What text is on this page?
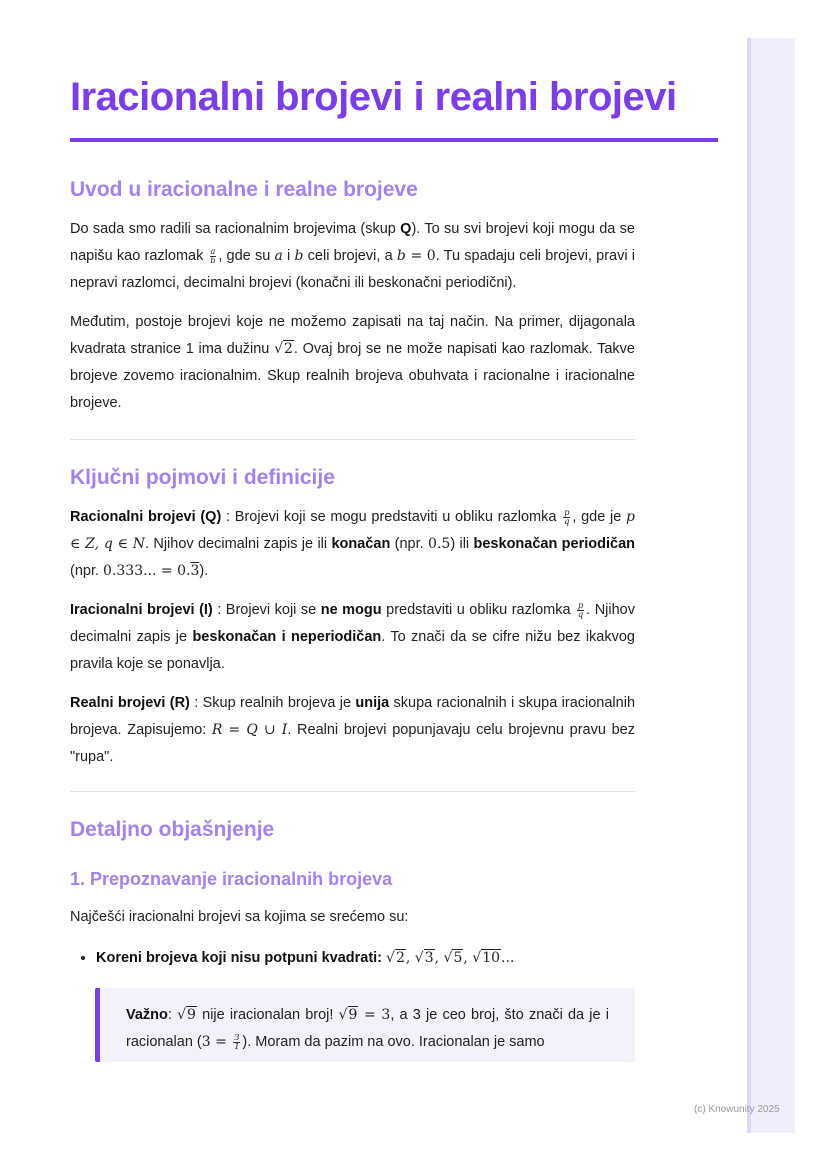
(c) Knowunity 2025
Iracionalni brojevi i realni brojevi
Uvod u iracionalne i realne brojeve

Do sada smo radili sa racionalnim brojevima (skup Q). To su svi brojevi koji mogu da se napišu kao razlomak $\frac{a}{b}$ , gde su a i b celi brojevi, a b = 0. Tu spadaju celi brojevi, pravi i nepravi razlomci, decimalni brojevi (konačni ili beskonačni periodični).

Međutim, postoje brojevi koje ne možemo zapisati na taj način. Na primer, dijagonala kvadrata stranice 1 ima dužinu √2. Ovaj broj se ne može napisati kao razlomak. Takve brojeve zovemo iracionalnim. Skup realnih brojeva obuhvata i racionalne i iracionalne brojeve.

Ključni pojmovi i definicije

Racionalni brojevi (Q) : Brojevi koji se mogu predstaviti u obliku razlomka $\frac{p}{q}$ , gde je p ∈ Z, q ∈ N. Njihov decimalni zapis je ili konačan (npr. 0.5) ili beskonačan periodičan (npr. 0.333... = 0.3).

Iracionalni brojevi (I) : Brojevi koji se ne mogu predstaviti u obliku razlomka $\frac{p}{q}$ . Njihov decimalni zapis je beskonačan i neperiodičan. To znači da se cifre nižu bez ikakvog pravila koje se ponavlja.

Realni brojevi (R) : Skup realnih brojeva je unija skupa racionalnih i skupa iracionalnih brojeva. Zapisujemo: R = Q ∪ I. Realni brojevi popunjavaju celu brojevnu pravu bez "rupa".

Detaljno objašnjenje
1. Prepoznavanje iracionalnih brojeva

Najčešći iracionalni brojevi sa kojima se srećemo su:

• Koreni brojeva koji nisu potpuni kvadrati: √2, √3, √5, √10...

Važno: √9 nije iracionalan broj! √9 = 3, a 3 je ceo broj, što znači da je i racionalan ($3 = \frac{3}{1}$ ). Moram da pazim na ovo. Iracionalan je samo
